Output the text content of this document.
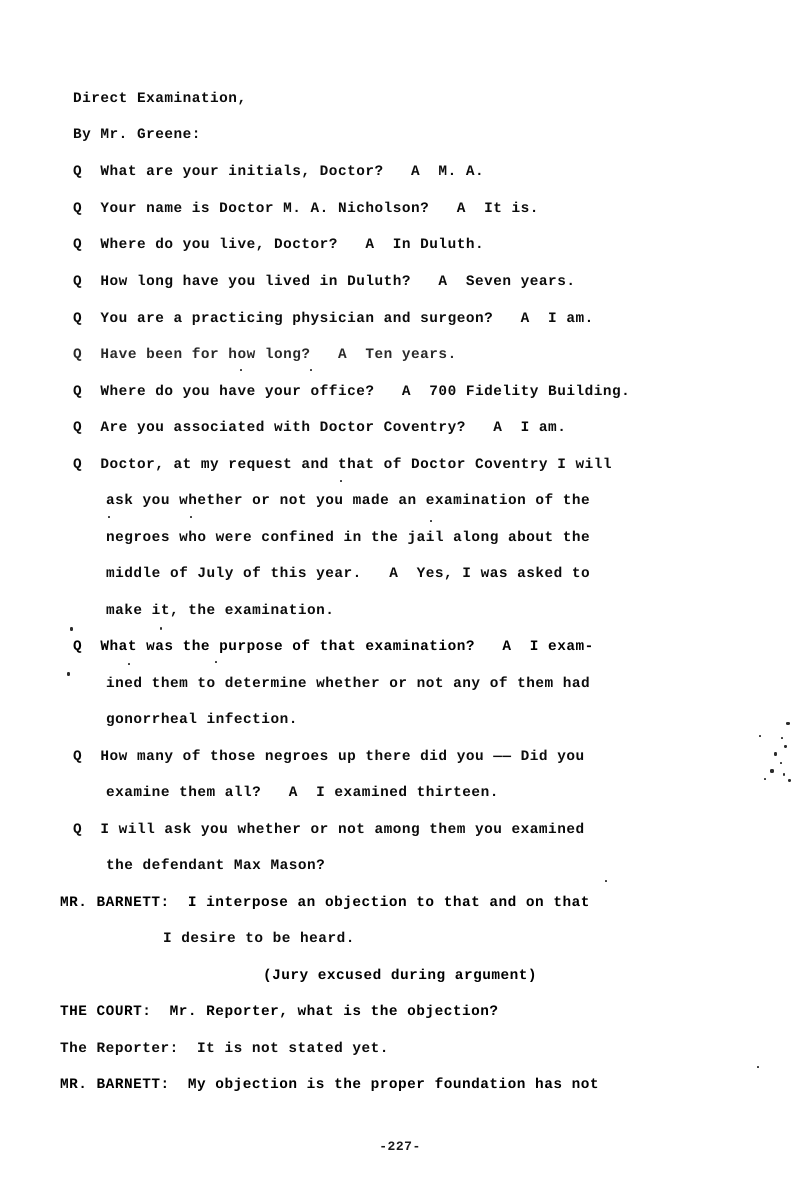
Direct Examination,
By Mr. Greene:
Q  What are your initials, Doctor?   A  M. A.
Q  Your name is Doctor M. A. Nicholson?   A  It is.
Q  Where do you live, Doctor?   A  In Duluth.
Q  How long have you lived in Duluth?   A  Seven years.
Q  You are a practicing physician and surgeon?   A  I am.
Q  Have been for how long?   A  Ten years.
Q  Where do you have your office?   A  700 Fidelity Building.
Q  Are you associated with Doctor Coventry?   A  I am.
Q  Doctor, at my request and that of Doctor Coventry I will
ask you whether or not you made an examination of the
negroes who were confined in the jail along about the
middle of July of this year.   A  Yes, I was asked to
make it, the examination.
Q  What was the purpose of that examination?   A  I exam-
ined them to determine whether or not any of them had
gonorrheal infection.
Q  How many of those negroes up there did you —— Did you
examine them all?   A  I examined thirteen.
Q  I will ask you whether or not among them you examined
the defendant Max Mason?
MR. BARNETT:  I interpose an objection to that and on that
I desire to be heard.
(Jury excused during argument)
THE COURT:  Mr. Reporter, what is the objection?
The Reporter:  It is not stated yet.
MR. BARNETT:  My objection is the proper foundation has not
-227-
